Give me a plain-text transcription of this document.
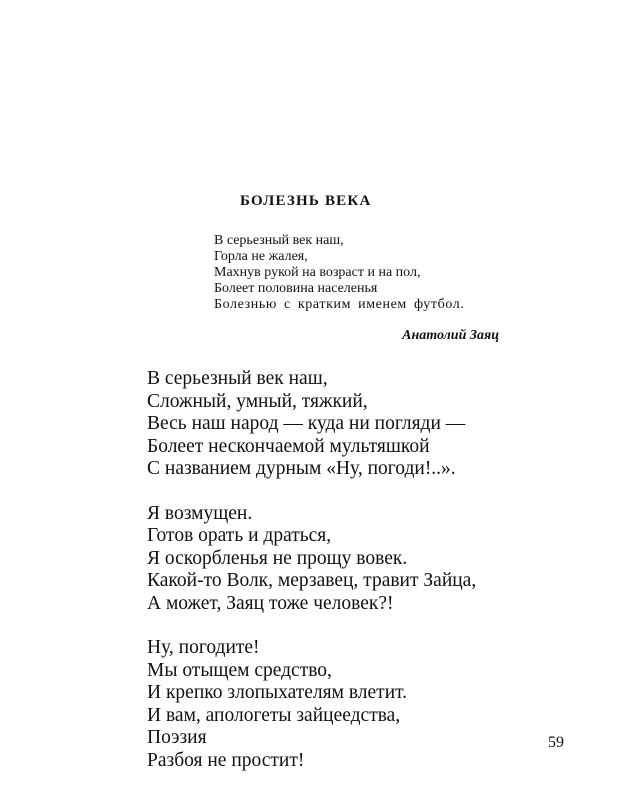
БОЛЕЗНЬ ВЕКА
В серьезный век наш,
Горла не жалея,
Махнув рукой на возраст и на пол,
Болеет половина населенья
Болезнью с кратким именем футбол.
Анатолий Заяц
В серьезный век наш,
Сложный, умный, тяжкий,
Весь наш народ — куда ни погляди —
Болеет нескончаемой мультяшкой
С названием дурным «Ну, погоди!..».
Я возмущен.
Готов орать и драться,
Я оскорбленья не прощу вовек.
Какой-то Волк, мерзавец, травит Зайца,
А может, Заяц тоже человек?!
Ну, погодите!
Мы отыщем средство,
И крепко злопыхателям влетит.
И вам, апологеты зайцеедства,
Поэзия
Разбоя не простит!
59
